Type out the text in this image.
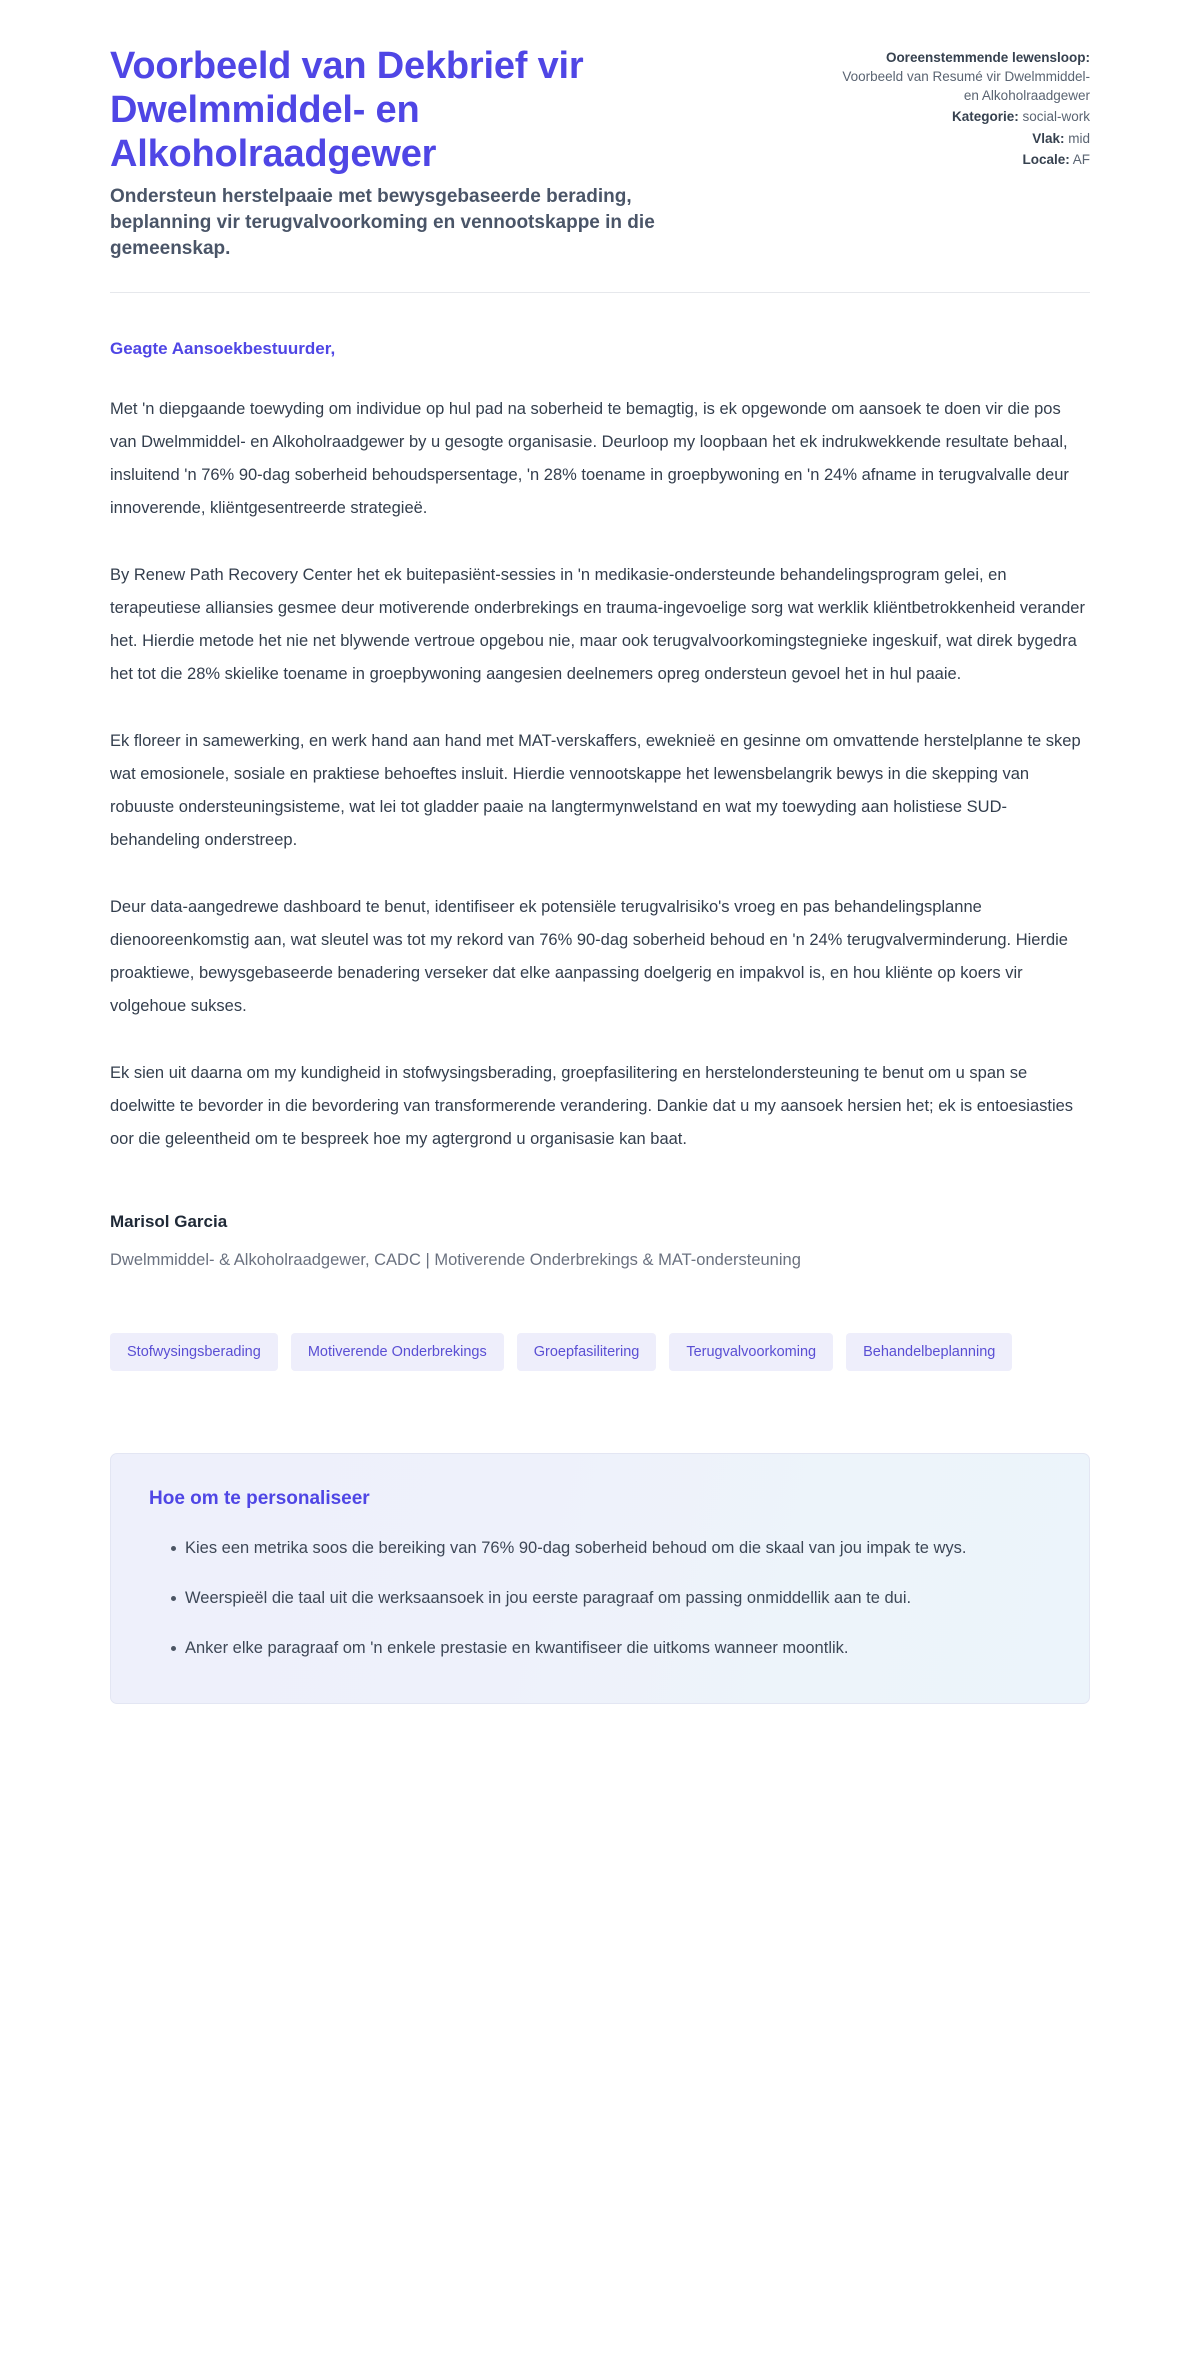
Voorbeeld van Dekbrief vir Dwelmmiddel- en Alkoholraadgewer

Ondersteun herstelpaaie met bewysgebaseerde berading, beplanning vir terugvalvoorkoming en vennootskappe in die gemeenskap.

Ooreenstemmende lewensloop: Voorbeeld van Resumé vir Dwelmmiddel- en Alkoholraadgewer
Kategorie: social-work
Vlak: mid
Locale: AF

Geagte Aansoekbestuurder,

Met 'n diepgaande toewyding om individue op hul pad na soberheid te bemagtig, is ek opgewonde om aansoek te doen vir die pos van Dwelmmiddel- en Alkoholraadgewer by u gesogte organisasie. Deurloop my loopbaan het ek indrukwekkende resultate behaal, insluitend 'n 76% 90-dag soberheid behoudspersentage, 'n 28% toename in groepbywoning en 'n 24% afname in terugvalvalle deur innoverende, kliëntgesentreerde strategieë.

By Renew Path Recovery Center het ek buitepasiënt-sessies in 'n medikasie-ondersteunde behandelingsprogram gelei, en terapeutiese alliansies gesmee deur motiverende onderbrekings en trauma-ingevoelige sorg wat werklik kliëntbetrokkenheid verander het. Hierdie metode het nie net blywende vertroue opgebou nie, maar ook terugvalvoorkomingstegnieke ingeskuif, wat direk bygedra het tot die 28% skielike toename in groepbywoning aangesien deelnemers opreg ondersteun gevoel het in hul paaie.

Ek floreer in samewerking, en werk hand aan hand met MAT-verskaffers, eweknieë en gesinne om omvattende herstelplanne te skep wat emosionele, sosiale en praktiese behoeftes insluit. Hierdie vennootskappe het lewensbelangrik bewys in die skepping van robuuste ondersteuningsisteme, wat lei tot gladder paaie na langtermynwelstand en wat my toewyding aan holistiese SUD-behandeling onderstreep.

Deur data-aangedrewe dashboard te benut, identifiseer ek potensiële terugvalrisiko's vroeg en pas behandelingsplanne dienooreenkomstig aan, wat sleutel was tot my rekord van 76% 90-dag soberheid behoud en 'n 24% terugvalverminderung. Hierdie proaktiewe, bewysgebaseerde benadering verseker dat elke aanpassing doelgerig en impakvol is, en hou kliënte op koers vir volgehoue sukses.

Ek sien uit daarna om my kundigheid in stofwysingsberading, groepfasilitering en herstelondersteuning te benut om u span se doelwitte te bevorder in die bevordering van transformerende verandering. Dankie dat u my aansoek hersien het; ek is entoesiasties oor die geleentheid om te bespreek hoe my agtergrond u organisasie kan baat.

Marisol Garcia

Dwelmmiddel- & Alkoholraadgewer, CADC | Motiverende Onderbrekings & MAT-ondersteuning

Stofwysingsberading	Motiverende Onderbrekings	Groepfasilitering	Terugvalvoorkoming	Behandelbeplanning
Hoe om te personaliseer
Kies een metrika soos die bereiking van 76% 90-dag soberheid behoud om die skaal van jou impak te wys.
Weerspieël die taal uit die werksaansoek in jou eerste paragraaf om passing onmiddellik aan te dui.
Anker elke paragraaf om 'n enkele prestasie en kwantifiseer die uitkoms wanneer moontlik.
